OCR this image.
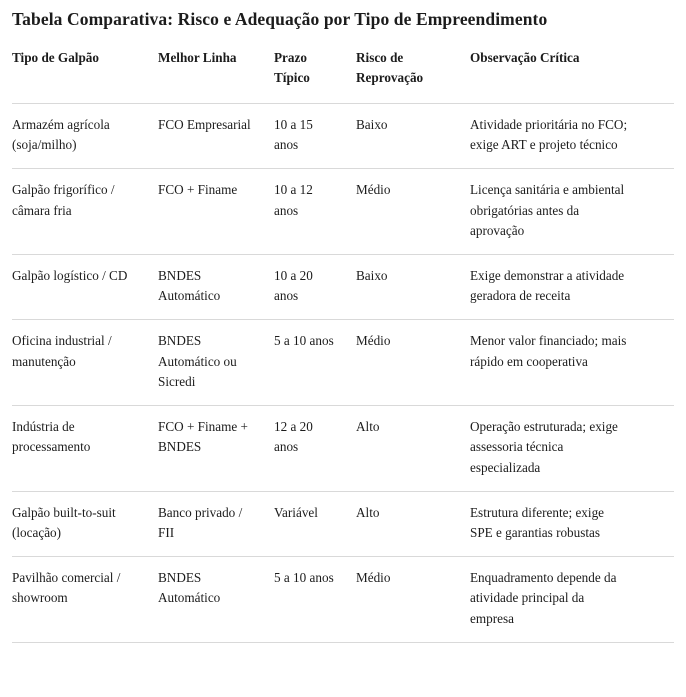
Tabela Comparativa: Risco e Adequação por Tipo de Empreendimento
Tipo de Galpão	Melhor Linha	Prazo Típico	Risco de Reprovação	Observação Crítica
Armazém agrícola (soja/milho)	FCO Empresarial	10 a 15 anos	Baixo	Atividade prioritária no FCO; exige ART e projeto técnico
Galpão frigorífico / câmara fria	FCO + Finame	10 a 12 anos	Médio	Licença sanitária e ambiental obrigatórias antes da aprovação
Galpão logístico / CD	BNDES Automático	10 a 20 anos	Baixo	Exige demonstrar a atividade geradora de receita
Oficina industrial / manutenção	BNDES Automático ou Sicredi	5 a 10 anos	Médio	Menor valor financiado; mais rápido em cooperativa
Indústria de processamento	FCO + Finame + BNDES	12 a 20 anos	Alto	Operação estruturada; exige assessoria técnica especializada
Galpão built-to-suit (locação)	Banco privado / FII	Variável	Alto	Estrutura diferente; exige SPE e garantias robustas
Pavilhão comercial / showroom	BNDES Automático	5 a 10 anos	Médio	Enquadramento depende da atividade principal da empresa
